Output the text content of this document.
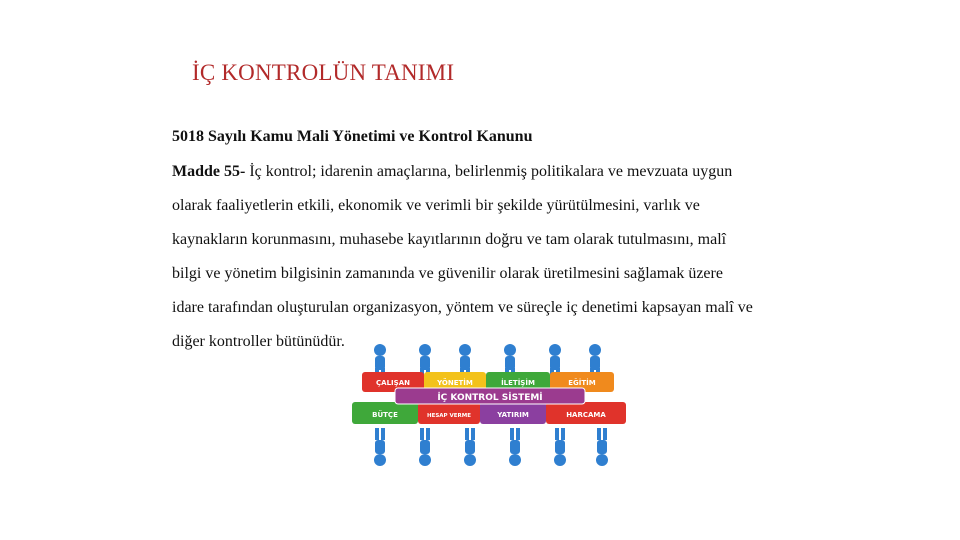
İÇ KONTROLÜN TANIMI
5018 Sayılı Kamu Mali Yönetimi ve Kontrol Kanunu
Madde 55- İç kontrol; idarenin amaçlarına, belirlenmiş politikalara ve mevzuata uygun
olarak faaliyetlerin etkili, ekonomik ve verimli bir şekilde yürütülmesini, varlık ve
kaynakların korunmasını, muhasebe kayıtlarının doğru ve tam olarak tutulmasını, malî
bilgi ve yönetim bilgisinin zamanında ve güvenilir olarak üretilmesini sağlamak üzere
idare tarafından oluşturulan organizasyon, yöntem ve süreçle iç denetimi kapsayan malî ve
diğer kontroller bütünüdür.
İÇ KONTROL SİSTEMİ
ÇALIŞAN	YÖNETİM	İLETİŞİM	EĞİTİM
BÜTÇE	HESAP VERME	YATIRIM	HARCAMA
